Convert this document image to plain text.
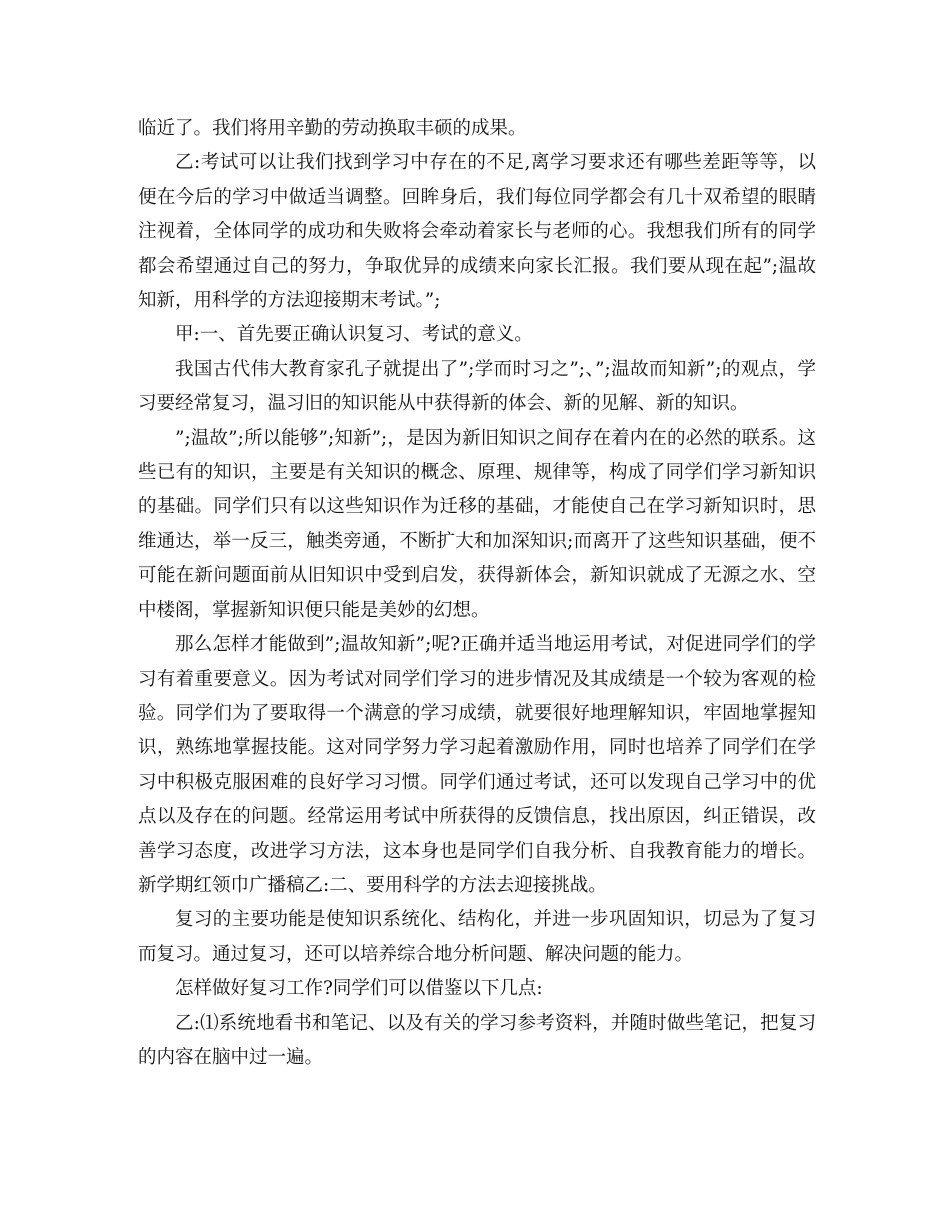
临近了。我们将用辛勤的劳动换取丰硕的成果。

乙:考试可以让我们找到学习中存在的不足,离学习要求还有哪些差距等等，以便在今后的学习中做适当调整。回眸身后，我们每位同学都会有几十双希望的眼睛注视着，全体同学的成功和失败将会牵动着家长与老师的心。我想我们所有的同学都会希望通过自己的努力，争取优异的成绩来向家长汇报。我们要从现在起”;温故知新，用科学的方法迎接期末考试。”;

甲:一、首先要正确认识复习、考试的意义。

我国古代伟大教育家孔子就提出了”;学而时习之”;、”;温故而知新”;的观点，学习要经常复习，温习旧的知识能从中获得新的体会、新的见解、新的知识。

”;温故”;所以能够”;知新”;，是因为新旧知识之间存在着内在的必然的联系。这些已有的知识，主要是有关知识的概念、原理、规律等，构成了同学们学习新知识的基础。同学们只有以这些知识作为迁移的基础，才能使自己在学习新知识时，思维通达，举一反三，触类旁通，不断扩大和加深知识;而离开了这些知识基础，便不可能在新问题面前从旧知识中受到启发，获得新体会，新知识就成了无源之水、空中楼阁，掌握新知识便只能是美妙的幻想。

那么怎样才能做到”;温故知新”;呢?正确并适当地运用考试，对促进同学们的学习有着重要意义。因为考试对同学们学习的进步情况及其成绩是一个较为客观的检验。同学们为了要取得一个满意的学习成绩，就要很好地理解知识，牢固地掌握知识，熟练地掌握技能。这对同学努力学习起着激励作用，同时也培养了同学们在学习中积极克服困难的良好学习习惯。同学们通过考试，还可以发现自己学习中的优点以及存在的问题。经常运用考试中所获得的反馈信息，找出原因，纠正错误，改善学习态度，改进学习方法，这本身也是同学们自我分析、自我教育能力的增长。新学期红领巾广播稿乙:二、要用科学的方法去迎接挑战。

复习的主要功能是使知识系统化、结构化，并进一步巩固知识，切忌为了复习而复习。通过复习，还可以培养综合地分析问题、解决问题的能力。

怎样做好复习工作?同学们可以借鉴以下几点:

乙:⑴系统地看书和笔记、以及有关的学习参考资料，并随时做些笔记，把复习的内容在脑中过一遍。
